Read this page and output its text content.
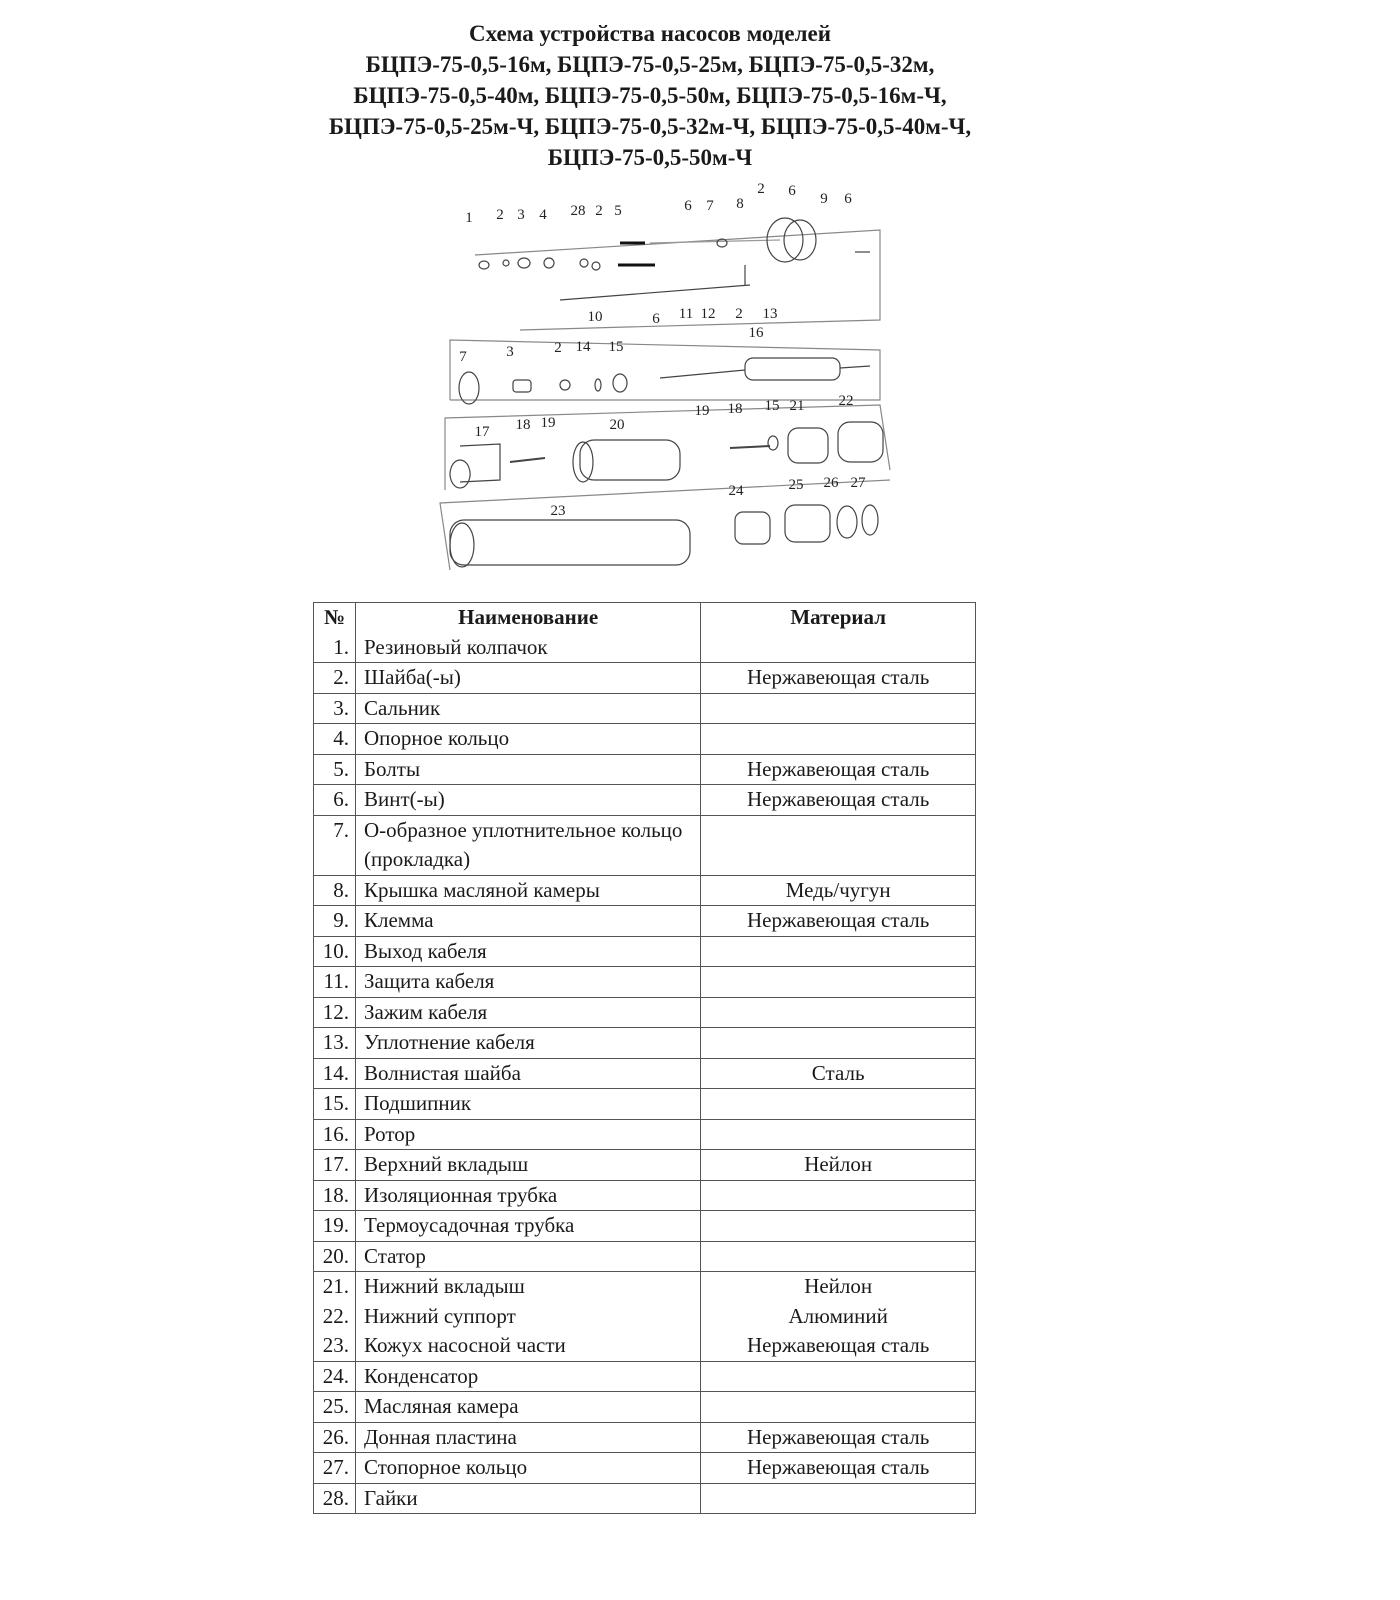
Схема устройства насосов моделей
БЦПЭ-75-0,5-16м, БЦПЭ-75-0,5-25м, БЦПЭ-75-0,5-32м,
БЦПЭ-75-0,5-40м, БЦПЭ-75-0,5-50м, БЦПЭ-75-0,5-16м-Ч,
БЦПЭ-75-0,5-25м-Ч, БЦПЭ-75-0,5-32м-Ч, БЦПЭ-75-0,5-40м-Ч,
БЦПЭ-75-0,5-50м-Ч
1 2 3 4 28 2 5	6 7 8
2 6 9 6
10	6 11 12 2 13
16
7	3	2 14 15
17 18 19	20
19 18 15 21 22
23
24	25 26 27
№	Наименование	Материал
1.	Резиновый колпачок	
2.	Шайба(-ы)	Нержавеющая сталь
3.	Сальник	
4.	Опорное кольцо	
5.	Болты	Нержавеющая сталь
6.	Винт(-ы)	Нержавеющая сталь
7.	О-образное уплотнительное кольцо (прокладка)	
8.	Крышка масляной камеры	Медь/чугун
9.	Клемма	Нержавеющая сталь
10.	Выход кабеля	
11.	Защита кабеля	
12.	Зажим кабеля	
13.	Уплотнение кабеля	
14.	Волнистая шайба	Сталь
15.	Подшипник	
16.	Ротор	
17.	Верхний вкладыш	Нейлон
18.	Изоляционная трубка	
19.	Термоусадочная трубка	
20.	Статор	
21.	Нижний вкладыш	Нейлон
22.	Нижний суппорт	Алюминий
23.	Кожух насосной части	Нержавеющая сталь
24.	Конденсатор	
25.	Масляная камера	
26.	Донная пластина	Нержавеющая сталь
27.	Стопорное кольцо	Нержавеющая сталь
28.	Гайки	
